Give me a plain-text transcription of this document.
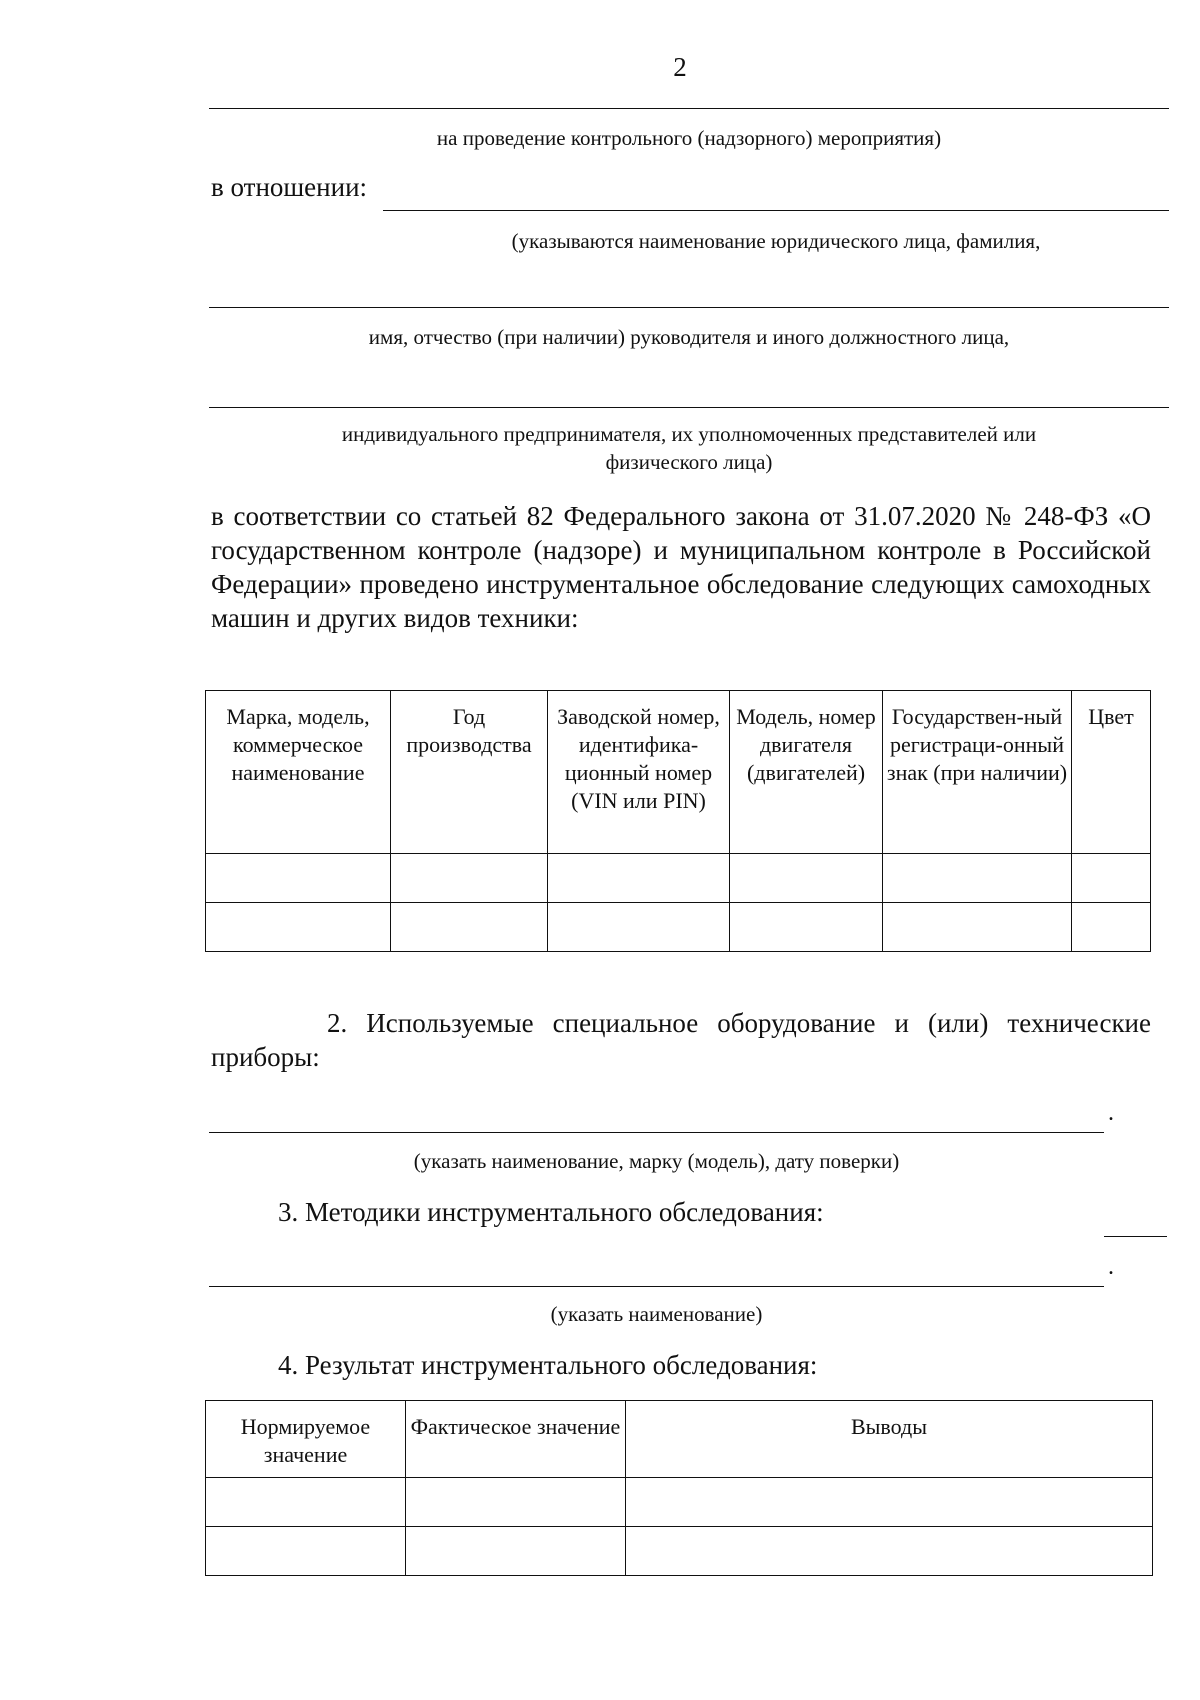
2
на проведение контрольного (надзорного) мероприятия)
в отношении:
(указываются наименование юридического лица, фамилия,
имя, отчество (при наличии) руководителя и иного должностного лица,
индивидуального предпринимателя, их уполномоченных представителей или
физического лица)
в соответствии со статьей 82 Федерального закона от 31.07.2020 № 248-ФЗ «О государственном контроле (надзоре) и муниципальном контроле в Российской Федерации» проведено инструментальное обследование следующих самоходных машин и других видов техники:
Марка, модель, коммерческое наименование	Год производства	Заводской номер, идентифика-ционный номер (VIN или PIN)	Модель, номер двигателя (двигателей)	Государствен-ный регистраци-онный знак (при наличии)	Цвет

2. Используемые специальное оборудование и (или) технические приборы:
.
(указать наименование, марку (модель), дату поверки)
3. Методики инструментального обследования:
.
(указать наименование)
4. Результат инструментального обследования:
Нормируемое значение	Фактическое значение	Выводы
